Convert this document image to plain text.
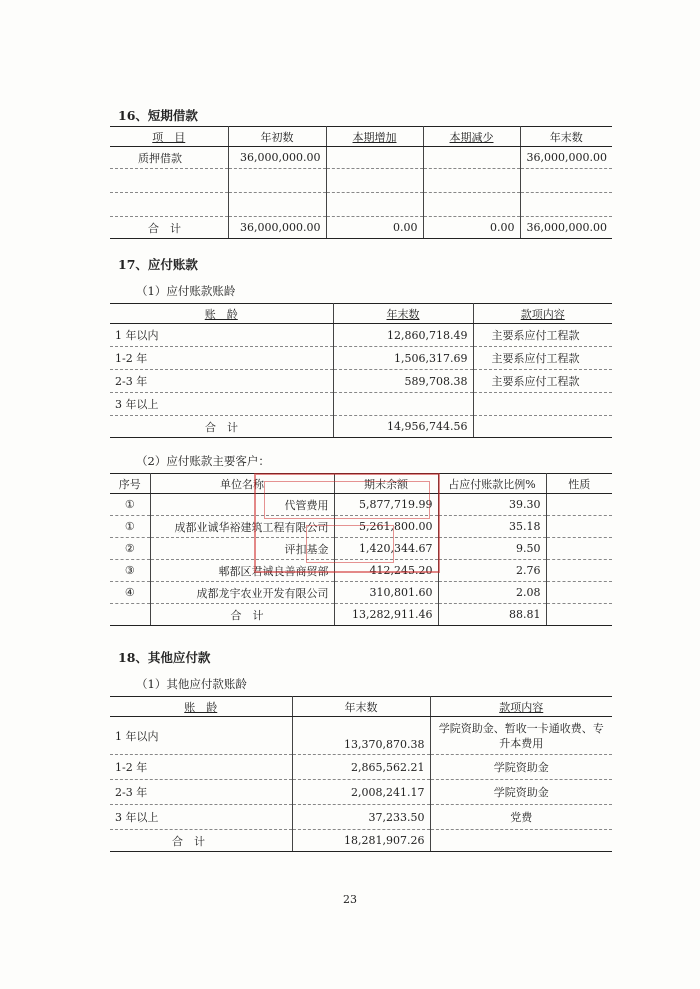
16、短期借款
项　目	年初数	本期增加	本期减少	年末数
质押借款	36,000,000.00			36,000,000.00

合　计	36,000,000.00	0.00	0.00	36,000,000.00
17、应付账款
（1）应付账款账龄
账　龄	年末数	款项内容
1 年以内	12,860,718.49	主要系应付工程款
1-2 年	1,506,317.69	主要系应付工程款
2-3 年	589,708.38	主要系应付工程款
3 年以上		
合　计	14,956,744.56	
（2）应付账款主要客户：
序号	单位名称	期末余额	占应付账款比例%	性质
①	代管费用	5,877,719.99	39.30	
①	成都业诚华裕建筑工程有限公司	5,261,800.00	35.18	
②	评扣基金	1,420,344.67	9.50	
③	郫都区君诚良善商贸部	412,245.20	2.76	
④	成都龙宇农业开发有限公司	310,801.60	2.08	
	合　计	13,282,911.46	88.81	
18、其他应付款
（1）其他应付款账龄
账　龄	年末数	款项内容
1 年以内	13,370,870.38	学院资助金、暂收一卡通收费、专升本费用
1-2 年	2,865,562.21	学院资助金
2-3 年	2,008,241.17	学院资助金
3 年以上	37,233.50	党费
合　计	18,281,907.26	
23
